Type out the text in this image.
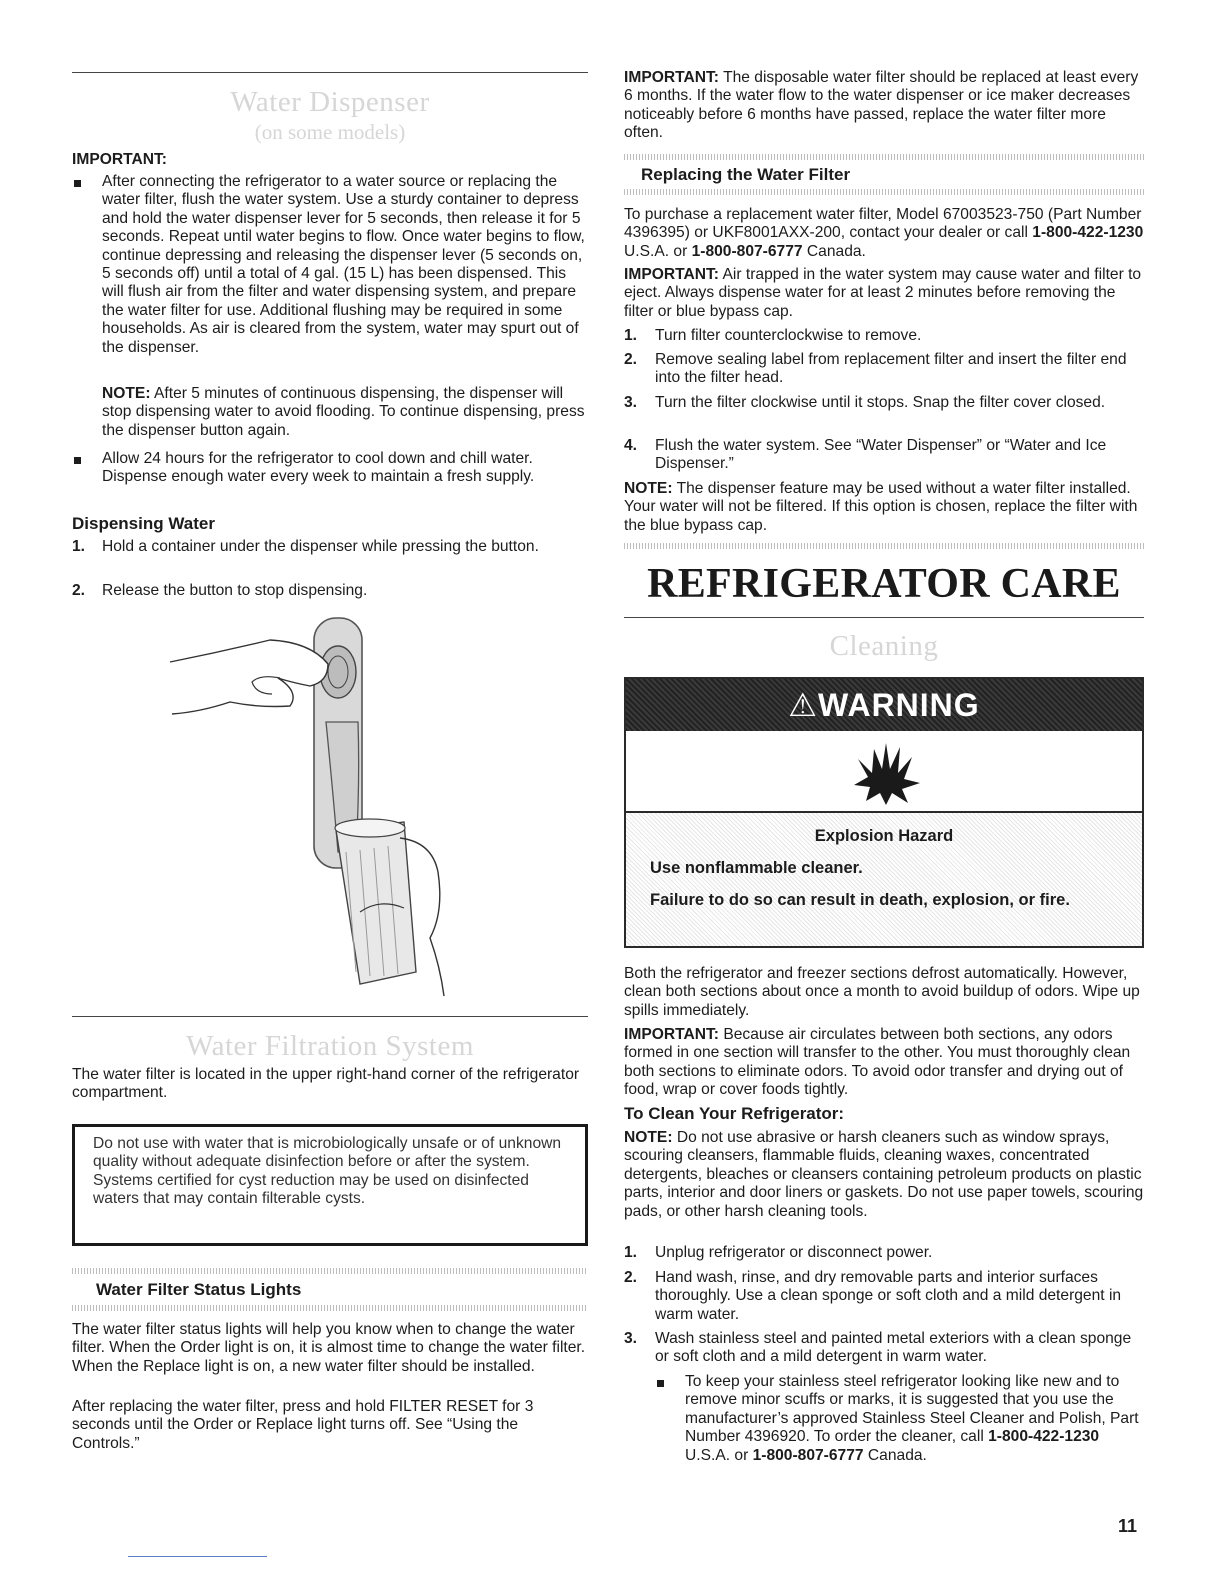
Water Dispenser
(on some models)
IMPORTANT:
After connecting the refrigerator to a water source or replacing the water filter, flush the water system. Use a sturdy container to depress and hold the water dispenser lever for 5 seconds, then release it for 5 seconds. Repeat until water begins to flow. Once water begins to flow, continue depressing and releasing the dispenser lever (5 seconds on, 5 seconds off) until a total of 4 gal. (15 L) has been dispensed. This will flush air from the filter and water dispensing system, and prepare the water filter for use. Additional flushing may be required in some households. As air is cleared from the system, water may spurt out of the dispenser.
NOTE: After 5 minutes of continuous dispensing, the dispenser will stop dispensing water to avoid flooding. To continue dispensing, press the dispenser button again.
Allow 24 hours for the refrigerator to cool down and chill water. Dispense enough water every week to maintain a fresh supply.
Dispensing Water
1. Hold a container under the dispenser while pressing the button.
2. Release the button to stop dispensing.
Water Filtration System
The water filter is located in the upper right-hand corner of the refrigerator compartment.
Do not use with water that is microbiologically unsafe or of unknown quality without adequate disinfection before or after the system. Systems certified for cyst reduction may be used on disinfected waters that may contain filterable cysts.
Water Filter Status Lights
The water filter status lights will help you know when to change the water filter. When the Order light is on, it is almost time to change the water filter. When the Replace light is on, a new water filter should be installed.
After replacing the water filter, press and hold FILTER RESET for 3 seconds until the Order or Replace light turns off. See “Using the Controls.”
IMPORTANT: The disposable water filter should be replaced at least every 6 months. If the water flow to the water dispenser or ice maker decreases noticeably before 6 months have passed, replace the water filter more often.
Replacing the Water Filter
To purchase a replacement water filter, Model 67003523-750 (Part Number 4396395) or UKF8001AXX-200, contact your dealer or call 1-800-422-1230 U.S.A. or 1-800-807-6777 Canada.
IMPORTANT: Air trapped in the water system may cause water and filter to eject. Always dispense water for at least 2 minutes before removing the filter or blue bypass cap.
1. Turn filter counterclockwise to remove.
2. Remove sealing label from replacement filter and insert the filter end into the filter head.
3. Turn the filter clockwise until it stops. Snap the filter cover closed.
4. Flush the water system. See “Water Dispenser” or “Water and Ice Dispenser.”
NOTE: The dispenser feature may be used without a water filter installed. Your water will not be filtered. If this option is chosen, replace the filter with the blue bypass cap.
REFRIGERATOR CARE
Cleaning
⚠WARNING
Explosion Hazard
Use nonflammable cleaner.
Failure to do so can result in death, explosion, or fire.
Both the refrigerator and freezer sections defrost automatically. However, clean both sections about once a month to avoid buildup of odors. Wipe up spills immediately.
IMPORTANT: Because air circulates between both sections, any odors formed in one section will transfer to the other. You must thoroughly clean both sections to eliminate odors. To avoid odor transfer and drying out of food, wrap or cover foods tightly.
To Clean Your Refrigerator:
NOTE: Do not use abrasive or harsh cleaners such as window sprays, scouring cleansers, flammable fluids, cleaning waxes, concentrated detergents, bleaches or cleansers containing petroleum products on plastic parts, interior and door liners or gaskets. Do not use paper towels, scouring pads, or other harsh cleaning tools.
1. Unplug refrigerator or disconnect power.
2. Hand wash, rinse, and dry removable parts and interior surfaces thoroughly. Use a clean sponge or soft cloth and a mild detergent in warm water.
3. Wash stainless steel and painted metal exteriors with a clean sponge or soft cloth and a mild detergent in warm water.
To keep your stainless steel refrigerator looking like new and to remove minor scuffs or marks, it is suggested that you use the manufacturer’s approved Stainless Steel Cleaner and Polish, Part Number 4396920. To order the cleaner, call 1-800-422-1230 U.S.A. or 1-800-807-6777 Canada.
11
